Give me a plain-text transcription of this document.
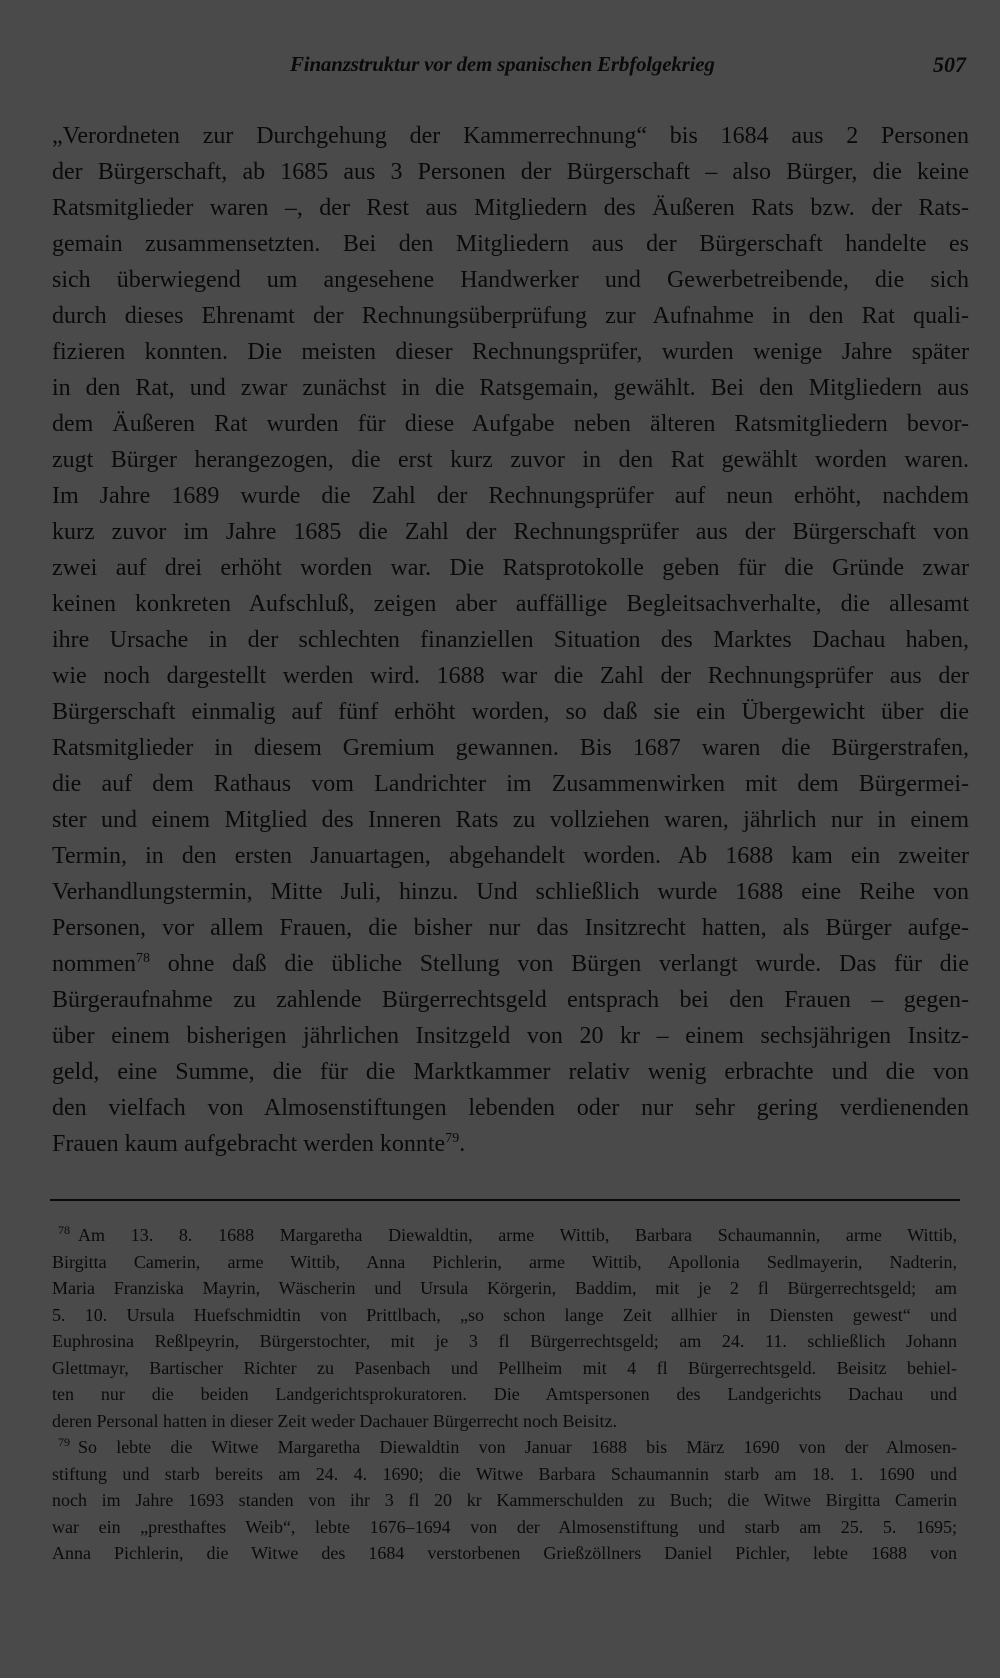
Finanzstruktur vor dem spanischen Erbfolgekrieg	507
„Verordneten zur Durchgehung der Kammerrechnung“ bis 1684 aus 2 Personen
der Bürgerschaft, ab 1685 aus 3 Personen der Bürgerschaft – also Bürger, die keine
Ratsmitglieder waren –, der Rest aus Mitgliedern des Äußeren Rats bzw. der Rats-
gemain zusammensetzten. Bei den Mitgliedern aus der Bürgerschaft handelte es
sich überwiegend um angesehene Handwerker und Gewerbetreibende, die sich
durch dieses Ehrenamt der Rechnungsüberprüfung zur Aufnahme in den Rat quali-
fizieren konnten. Die meisten dieser Rechnungsprüfer, wurden wenige Jahre später
in den Rat, und zwar zunächst in die Ratsgemain, gewählt. Bei den Mitgliedern aus
dem Äußeren Rat wurden für diese Aufgabe neben älteren Ratsmitgliedern bevor-
zugt Bürger herangezogen, die erst kurz zuvor in den Rat gewählt worden waren.
Im Jahre 1689 wurde die Zahl der Rechnungsprüfer auf neun erhöht, nachdem
kurz zuvor im Jahre 1685 die Zahl der Rechnungsprüfer aus der Bürgerschaft von
zwei auf drei erhöht worden war. Die Ratsprotokolle geben für die Gründe zwar
keinen konkreten Aufschluß, zeigen aber auffällige Begleitsachverhalte, die allesamt
ihre Ursache in der schlechten finanziellen Situation des Marktes Dachau haben,
wie noch dargestellt werden wird. 1688 war die Zahl der Rechnungsprüfer aus der
Bürgerschaft einmalig auf fünf erhöht worden, so daß sie ein Übergewicht über die
Ratsmitglieder in diesem Gremium gewannen. Bis 1687 waren die Bürgerstrafen,
die auf dem Rathaus vom Landrichter im Zusammenwirken mit dem Bürgermei-
ster und einem Mitglied des Inneren Rats zu vollziehen waren, jährlich nur in einem
Termin, in den ersten Januartagen, abgehandelt worden. Ab 1688 kam ein zweiter
Verhandlungstermin, Mitte Juli, hinzu. Und schließlich wurde 1688 eine Reihe von
Personen, vor allem Frauen, die bisher nur das Insitzrecht hatten, als Bürger aufge-
nommen$^{78}$ ohne daß die übliche Stellung von Bürgen verlangt wurde. Das für die
Bürgeraufnahme zu zahlende Bürgerrechtsgeld entsprach bei den Frauen – gegen-
über einem bisherigen jährlichen Insitzgeld von 20 kr – einem sechsjährigen Insitz-
geld, eine Summe, die für die Marktkammer relativ wenig erbrachte und die von
den vielfach von Almosenstiftungen lebenden oder nur sehr gering verdienenden
Frauen kaum aufgebracht werden konnte$^{79}$.
$^{78}$ Am 13. 8. 1688 Margaretha Diewaldtin, arme Wittib, Barbara Schaumannin, arme Wittib,
Birgitta Camerin, arme Wittib, Anna Pichlerin, arme Wittib, Apollonia Sedlmayerin, Nadterin,
Maria Franziska Mayrin, Wäscherin und Ursula Körgerin, Baddim, mit je 2 fl Bürgerrechtsgeld; am
5. 10. Ursula Huefschmidtin von Prittlbach, „so schon lange Zeit allhier in Diensten gewest“ und
Euphrosina Reßlpeyrin, Bürgerstochter, mit je 3 fl Bürgerrechtsgeld; am 24. 11. schließlich Johann
Glettmayr, Bartischer Richter zu Pasenbach und Pellheim mit 4 fl Bürgerrechtsgeld. Beisitz behiel-
ten nur die beiden Landgerichtsprokuratoren. Die Amtspersonen des Landgerichts Dachau und
deren Personal hatten in dieser Zeit weder Dachauer Bürgerrecht noch Beisitz.
$^{79}$ So lebte die Witwe Margaretha Diewaldtin von Januar 1688 bis März 1690 von der Almosen-
stiftung und starb bereits am 24. 4. 1690; die Witwe Barbara Schaumannin starb am 18. 1. 1690 und
noch im Jahre 1693 standen von ihr 3 fl 20 kr Kammerschulden zu Buch; die Witwe Birgitta Camerin
war ein „presthaftes Weib“, lebte 1676–1694 von der Almosenstiftung und starb am 25. 5. 1695;
Anna Pichlerin, die Witwe des 1684 verstorbenen Grießzöllners Daniel Pichler, lebte 1688 von
